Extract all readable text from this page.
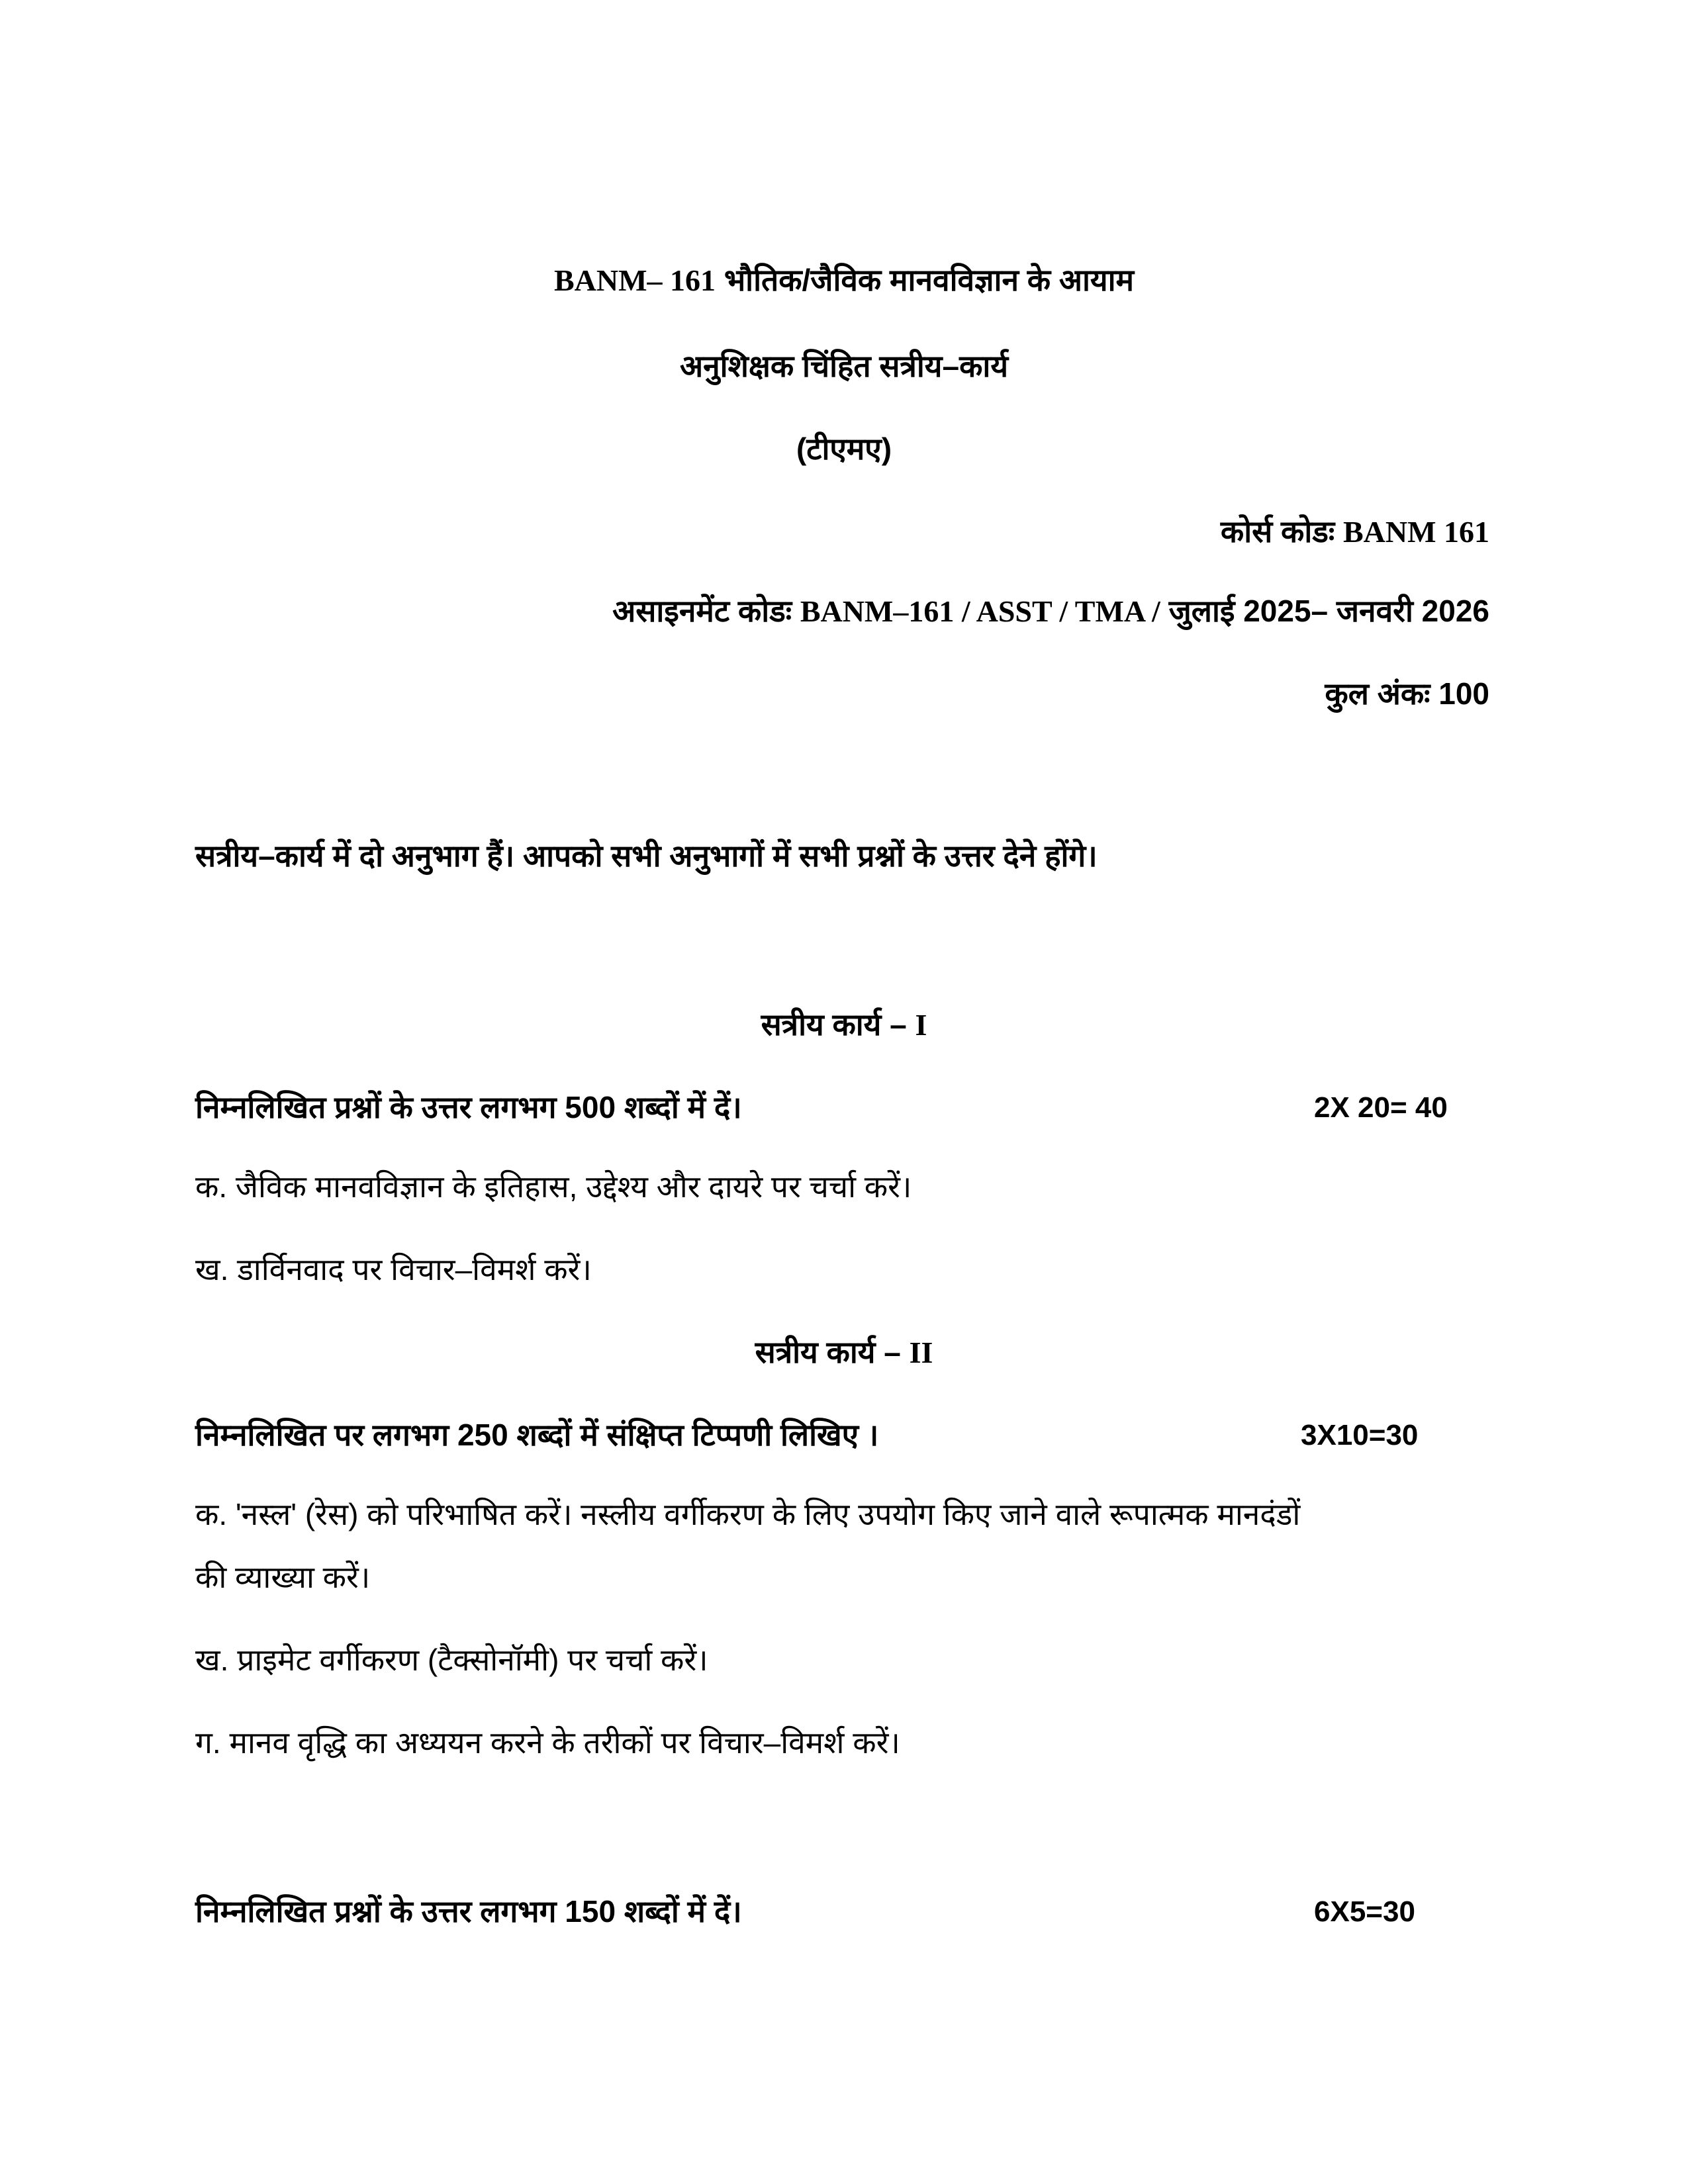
BANM– 161 भौतिक/जैविक मानवविज्ञान के आयाम
अनुशिक्षक चिंहित सत्रीय–कार्य
(टीएमए)
कोर्स कोडः BANM 161
असाइनमेंट कोडः BANM–161 / ASST / TMA / जुलाई 2025– जनवरी 2026
कुल अंकः 100
सत्रीय–कार्य में दो अनुभाग हैं। आपको सभी अनुभागों में सभी प्रश्नों के उत्तर देने होंगे।
सत्रीय कार्य – I
निम्नलिखित प्रश्नों के उत्तर लगभग 500 शब्दों में दें।	2X 20= 40
क. जैविक मानवविज्ञान के इतिहास, उद्देश्य और दायरे पर चर्चा करें।
ख. डार्विनवाद पर विचार–विमर्श करें।
सत्रीय कार्य – II
निम्नलिखित पर लगभग 250 शब्दों में संक्षिप्त टिप्पणी लिखिए ।	3X10=30
क. 'नस्ल' (रेस) को परिभाषित करें। नस्लीय वर्गीकरण के लिए उपयोग किए जाने वाले रूपात्मक मानदंडों
की व्याख्या करें।
ख. प्राइमेट वर्गीकरण (टैक्सोनॉमी) पर चर्चा करें।
ग. मानव वृद्धि का अध्ययन करने के तरीकों पर विचार–विमर्श करें।
निम्नलिखित प्रश्नों के उत्तर लगभग 150 शब्दों में दें।	6X5=30
